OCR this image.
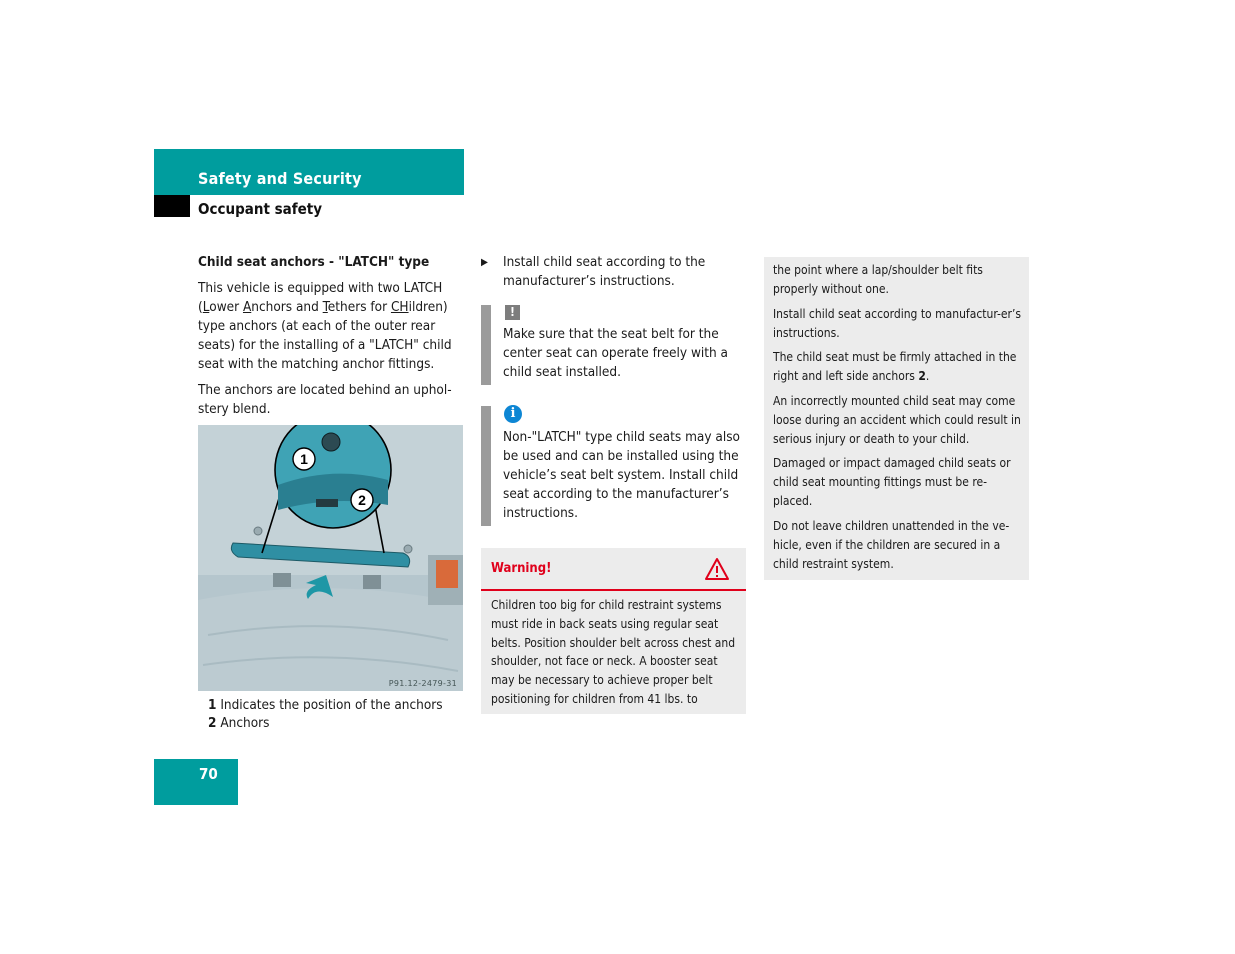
Safety and Security
Occupant safety
Child seat anchors - "LATCH" type
This vehicle is equipped with two LATCH (Lower Anchors and Tethers for CHildren) type anchors (at each of the outer rear seats) for the installing of a "LATCH" child seat with the matching anchor fittings.
The anchors are located behind an uphol-stery blend.
1
2
P91.12-2479-31
1 Indicates the position of the anchors
2 Anchors
▶ Install child seat according to the manufacturer’s instructions.
!
Make sure that the seat belt for the center seat can operate freely with a child seat installed.
i
Non-"LATCH" type child seats may also be used and can be installed using the vehicle’s seat belt system. Install child seat according to the manufacturer’s instructions.
Warning!
Children too big for child restraint systems must ride in back seats using regular seat belts. Position shoulder belt across chest and shoulder, not face or neck. A booster seat may be necessary to achieve proper belt positioning for children from 41 lbs. to
the point where a lap/shoulder belt fits properly without one.
Install child seat according to manufactur-er’s instructions.
The child seat must be firmly attached in the right and left side anchors 2.
An incorrectly mounted child seat may come loose during an accident which could result in serious injury or death to your child.
Damaged or impact damaged child seats or child seat mounting fittings must be re-placed.
Do not leave children unattended in the ve-hicle, even if the children are secured in a child restraint system.
70
